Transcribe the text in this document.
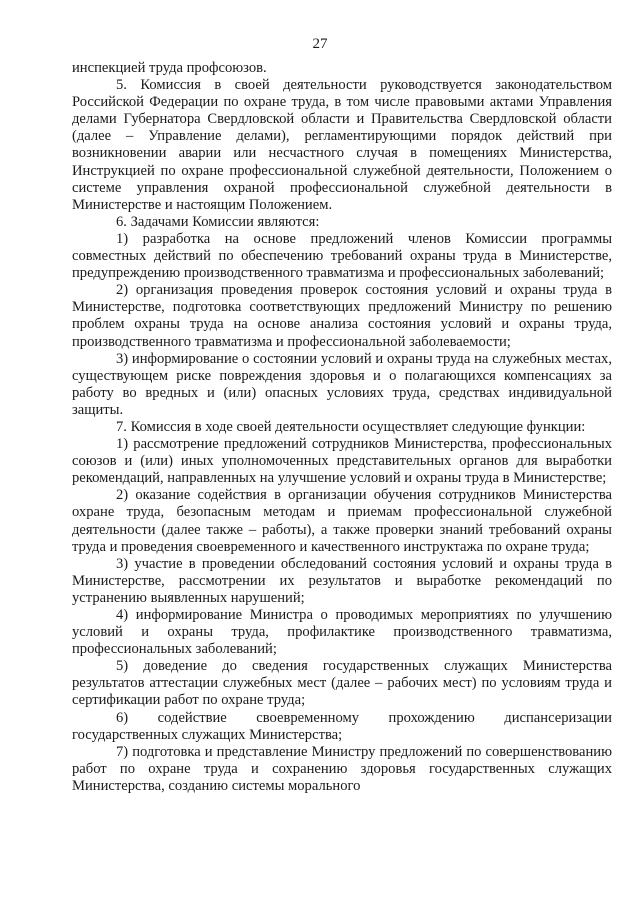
27

инспекцией труда профсоюзов.

5. Комиссия в своей деятельности руководствуется законодательством Российской Федерации по охране труда, в том числе правовыми актами Управления делами Губернатора Свердловской области и Правительства Свердловской области (далее – Управление делами), регламентирующими порядок действий при возникновении аварии или несчастного случая в помещениях Министерства, Инструкцией по охране профессиональной служебной деятельности, Положением о системе управления охраной профессиональной служебной деятельности в Министерстве и настоящим Положением.

6. Задачами Комиссии являются:

1) разработка на основе предложений членов Комиссии программы совместных действий по обеспечению требований охраны труда в Министерстве, предупреждению производственного травматизма и профессиональных заболеваний;

2) организация проведения проверок состояния условий и охраны труда в Министерстве, подготовка соответствующих предложений Министру по решению проблем охраны труда на основе анализа состояния условий и охраны труда, производственного травматизма и профессиональной заболеваемости;

3) информирование о состоянии условий и охраны труда на служебных местах, существующем риске повреждения здоровья и о полагающихся компенсациях за работу во вредных и (или) опасных условиях труда, средствах индивидуальной защиты.

7. Комиссия в ходе своей деятельности осуществляет следующие функции:

1) рассмотрение предложений сотрудников Министерства, профессиональных союзов и (или) иных уполномоченных представительных органов для выработки рекомендаций, направленных на улучшение условий и охраны труда в Министерстве;

2) оказание содействия в организации обучения сотрудников Министерства охране труда, безопасным методам и приемам профессиональной служебной деятельности (далее также – работы), а также проверки знаний требований охраны труда и проведения своевременного и качественного инструктажа по охране труда;

3) участие в проведении обследований состояния условий и охраны труда в Министерстве, рассмотрении их результатов и выработке рекомендаций по устранению выявленных нарушений;

4) информирование Министра о проводимых мероприятиях по улучшению условий и охраны труда, профилактике производственного травматизма, профессиональных заболеваний;

5) доведение до сведения государственных служащих Министерства результатов аттестации служебных мест (далее – рабочих мест) по условиям труда и сертификации работ по охране труда;

6) содействие своевременному прохождению диспансеризации государственных служащих Министерства;

7) подготовка и представление Министру предложений по совершенствованию работ по охране труда и сохранению здоровья государственных служащих Министерства, созданию системы морального
